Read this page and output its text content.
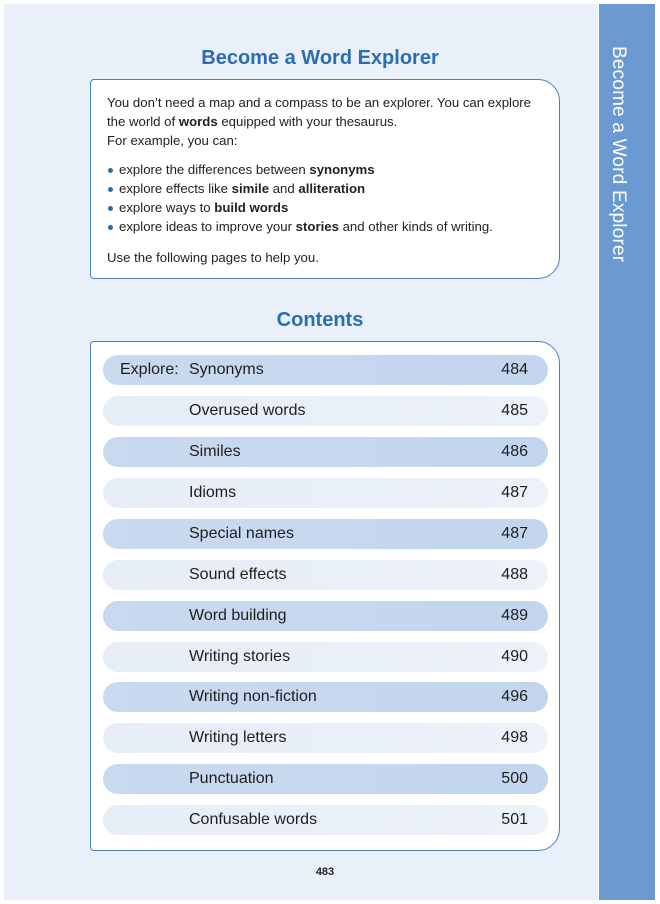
Become a Word Explorer
Become a Word Explorer

You don’t need a map and a compass to be an explorer. You can explore
the world of words equipped with your thesaurus.
For example, you can:

explore the differences between synonyms
explore effects like simile and alliteration
explore ways to build words
explore ideas to improve your stories and other kinds of writing.

Use the following pages to help you.

Contents
Explore: Synonyms	484
Overused words	485
Similes	486
Idioms	487
Special names	487
Sound effects	488
Word building	489
Writing stories	490
Writing non-fiction	496
Writing letters	498
Punctuation	500
Confusable words	501
483
